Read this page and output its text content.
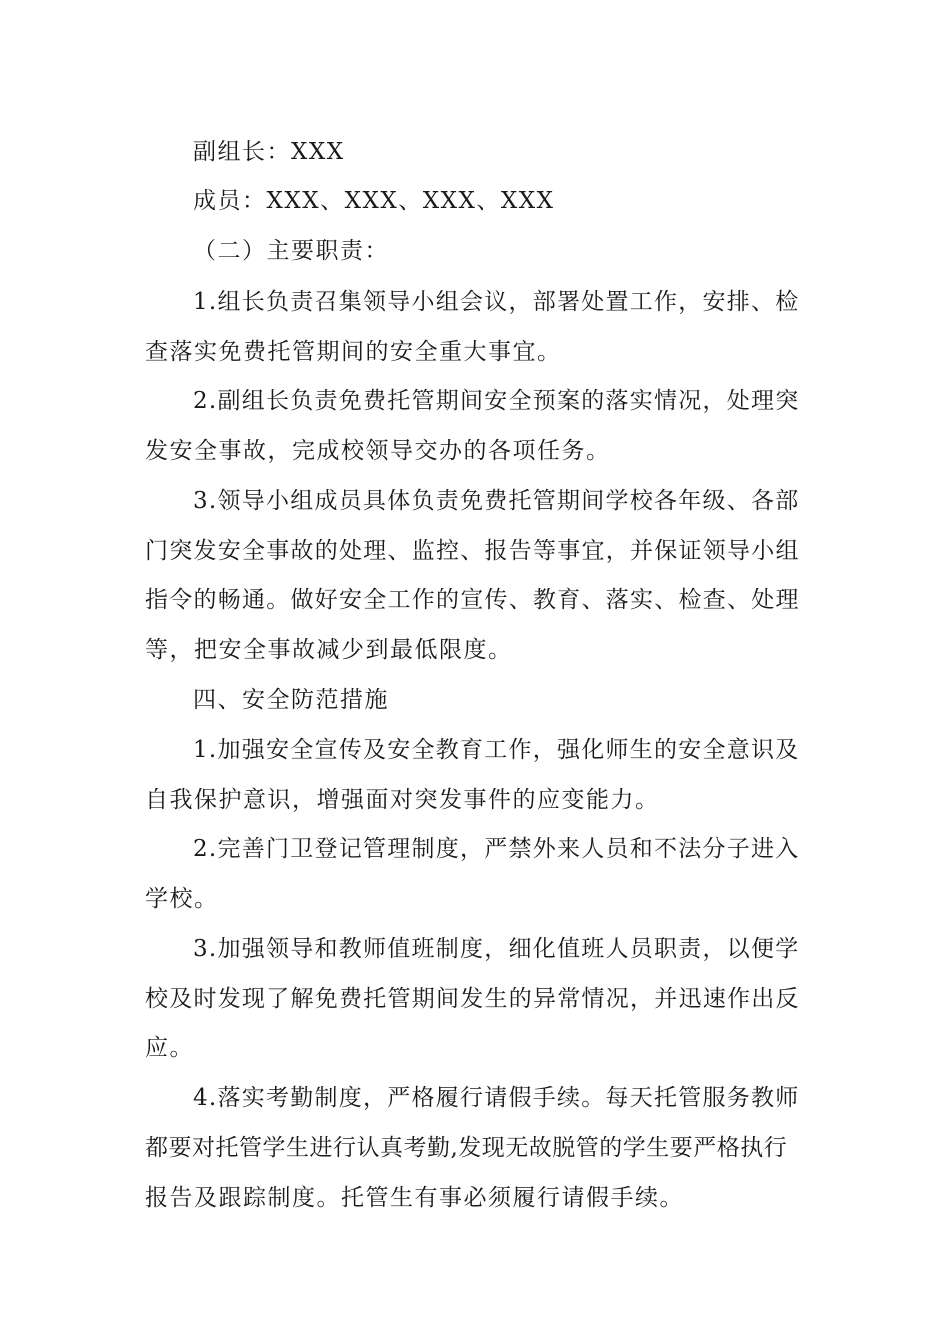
副组长：XXX
成员：XXX、XXX、XXX、XXX
（二）主要职责：
1.组长负责召集领导小组会议，部署处置工作，安排、检
查落实免费托管期间的安全重大事宜。
2.副组长负责免费托管期间安全预案的落实情况，处理突
发安全事故，完成校领导交办的各项任务。
3.领导小组成员具体负责免费托管期间学校各年级、各部
门突发安全事故的处理、监控、报告等事宜，并保证领导小组
指令的畅通。做好安全工作的宣传、教育、落实、检查、处理
等，把安全事故减少到最低限度。
四、安全防范措施
1.加强安全宣传及安全教育工作，强化师生的安全意识及
自我保护意识，增强面对突发事件的应变能力。
2.完善门卫登记管理制度，严禁外来人员和不法分子进入
学校。
3.加强领导和教师值班制度，细化值班人员职责，以便学
校及时发现了解免费托管期间发生的异常情况，并迅速作出反
应。
4.落实考勤制度，严格履行请假手续。每天托管服务教师
都要对托管学生进行认真考勤,发现无故脱管的学生要严格执行
报告及跟踪制度。托管生有事必须履行请假手续。
